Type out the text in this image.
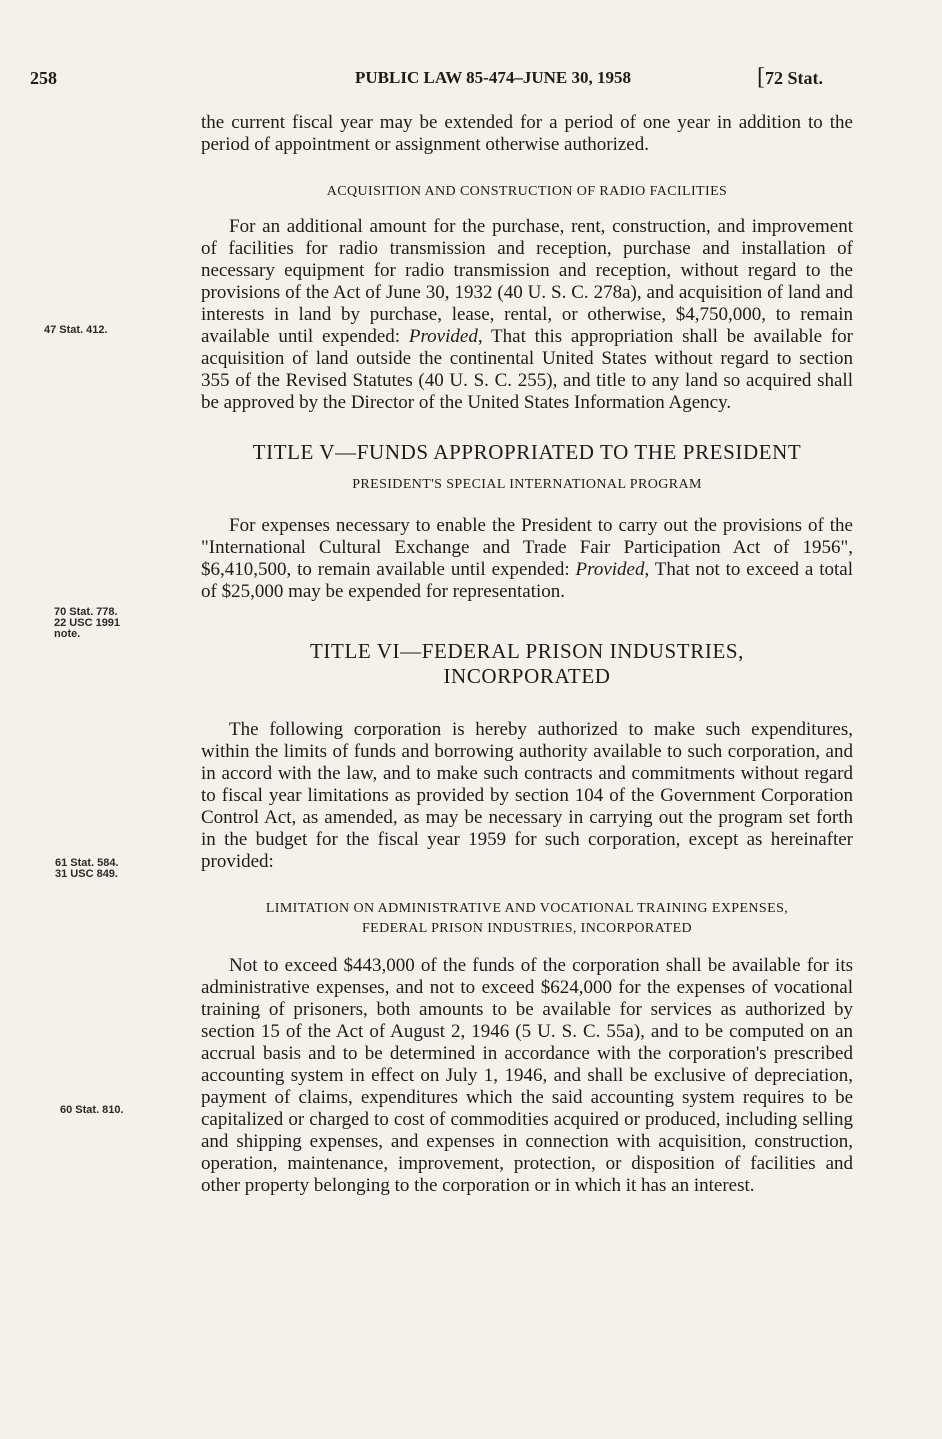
258	PUBLIC LAW 85-474–JUNE 30, 1958	[72 Stat.
47 Stat. 412.
70 Stat. 778.
22 USC 1991
note.
61 Stat. 584.
31 USC 849.
60 Stat. 810.

the current fiscal year may be extended for a period of one year in addition to the period of appointment or assignment otherwise authorized.

ACQUISITION AND CONSTRUCTION OF RADIO FACILITIES

For an additional amount for the purchase, rent, construction, and improvement of facilities for radio transmission and reception, purchase and installation of necessary equipment for radio transmission and reception, without regard to the provisions of the Act of June 30, 1932 (40 U. S. C. 278a), and acquisition of land and interests in land by purchase, lease, rental, or otherwise, $4,750,000, to remain available until expended: Provided, That this appropriation shall be available for acquisition of land outside the continental United States without regard to section 355 of the Revised Statutes (40 U. S. C. 255), and title to any land so acquired shall be approved by the Director of the United States Information Agency.

TITLE V—FUNDS APPROPRIATED TO THE PRESIDENT

PRESIDENT'S SPECIAL INTERNATIONAL PROGRAM

For expenses necessary to enable the President to carry out the provisions of the "International Cultural Exchange and Trade Fair Participation Act of 1956", $6,410,500, to remain available until expended: Provided, That not to exceed a total of $25,000 may be expended for representation.

TITLE VI—FEDERAL PRISON INDUSTRIES,

INCORPORATED

The following corporation is hereby authorized to make such expenditures, within the limits of funds and borrowing authority available to such corporation, and in accord with the law, and to make such contracts and commitments without regard to fiscal year limitations as provided by section 104 of the Government Corporation Control Act, as amended, as may be necessary in carrying out the program set forth in the budget for the fiscal year 1959 for such corporation, except as hereinafter provided:

LIMITATION ON ADMINISTRATIVE AND VOCATIONAL TRAINING EXPENSES,

FEDERAL PRISON INDUSTRIES, INCORPORATED

Not to exceed $443,000 of the funds of the corporation shall be available for its administrative expenses, and not to exceed $624,000 for the expenses of vocational training of prisoners, both amounts to be available for services as authorized by section 15 of the Act of August 2, 1946 (5 U. S. C. 55a), and to be computed on an accrual basis and to be determined in accordance with the corporation's prescribed accounting system in effect on July 1, 1946, and shall be exclusive of depreciation, payment of claims, expenditures which the said accounting system requires to be capitalized or charged to cost of commodities acquired or produced, including selling and shipping expenses, and expenses in connection with acquisition, construction, operation, maintenance, improvement, protection, or disposition of facilities and other property belonging to the corporation or in which it has an interest.
